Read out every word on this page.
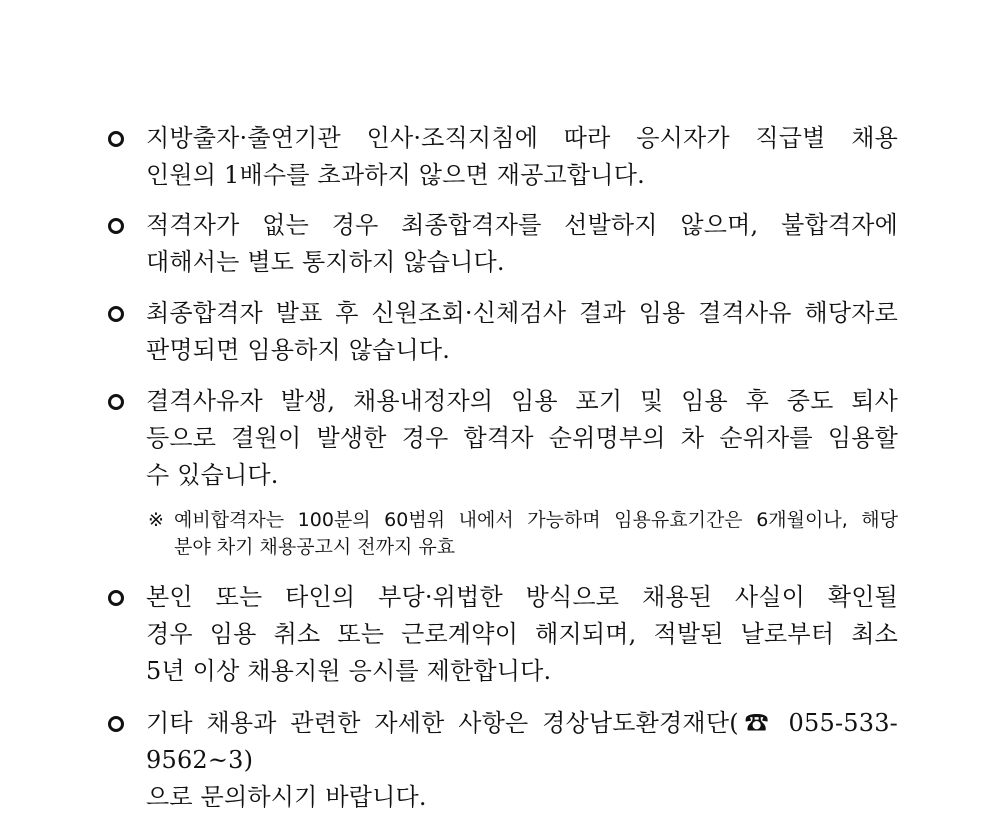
지방출자·출연기관 인사·조직지침에 따라 응시자가 직급별 채용
인원의 1배수를 초과하지 않으면 재공고합니다.
적격자가 없는 경우 최종합격자를 선발하지 않으며, 불합격자에
대해서는 별도 통지하지 않습니다.
최종합격자 발표 후 신원조회·신체검사 결과 임용 결격사유 해당자로
판명되면 임용하지 않습니다.
결격사유자 발생, 채용내정자의 임용 포기 및 임용 후 중도 퇴사
등으로 결원이 발생한 경우 합격자 순위명부의 차 순위자를 임용할
수 있습니다.
※ 예비합격자는 100분의 60범위 내에서 가능하며 임용유효기간은 6개월이나, 해당
분야 차기 채용공고시 전까지 유효
본인 또는 타인의 부당·위법한 방식으로 채용된 사실이 확인될
경우 임용 취소 또는 근로계약이 해지되며, 적발된 날로부터 최소
5년 이상 채용지원 응시를 제한합니다.
기타 채용과 관련한 자세한 사항은 경상남도환경재단(☎ 055-533-9562~3)
으로 문의하시기 바랍니다.
